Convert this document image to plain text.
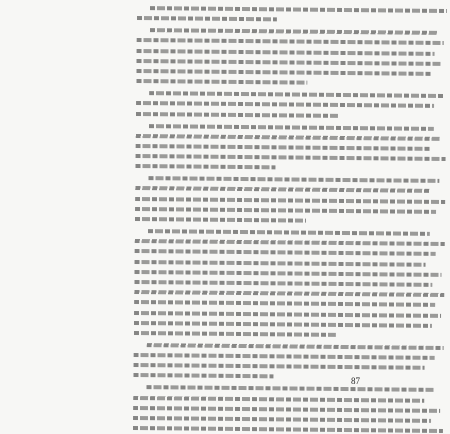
87
